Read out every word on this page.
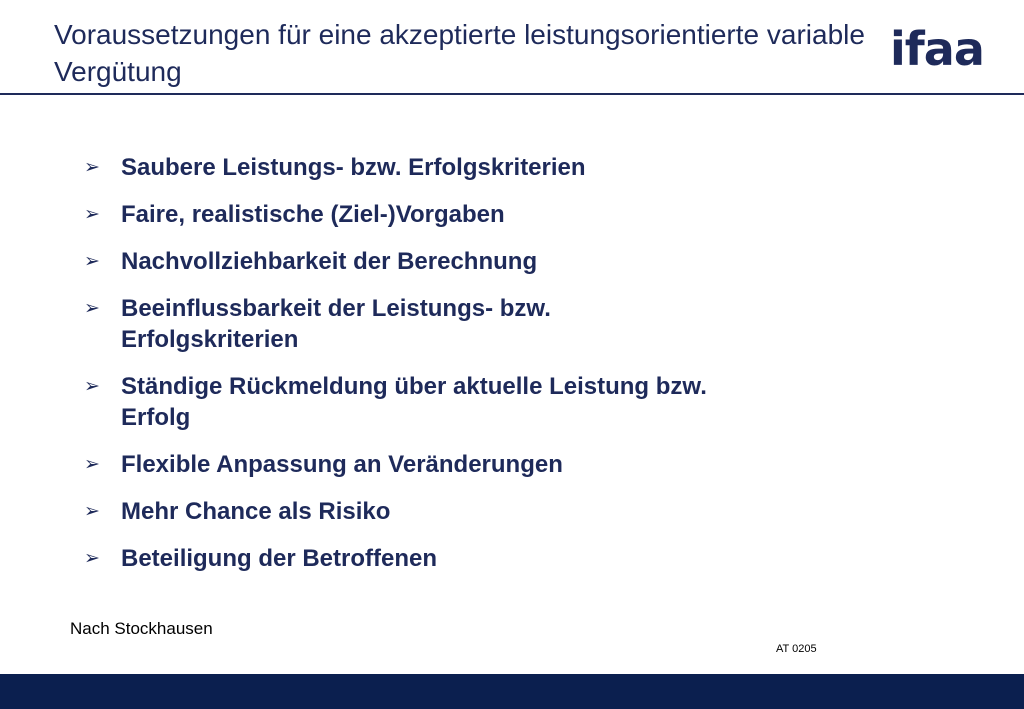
Voraussetzungen für eine akzeptierte leistungsorientierte variable Vergütung	ifaa
➢ Saubere Leistungs- bzw. Erfolgskriterien
➢ Faire, realistische (Ziel-)Vorgaben
➢ Nachvollziehbarkeit der Berechnung
➢ Beeinflussbarkeit der Leistungs- bzw. Erfolgskriterien
➢ Ständige Rückmeldung über aktuelle Leistung bzw. Erfolg
➢ Flexible Anpassung an Veränderungen
➢ Mehr Chance als Risiko
➢ Beteiligung der Betroffenen
Nach Stockhausen
AT 0205
